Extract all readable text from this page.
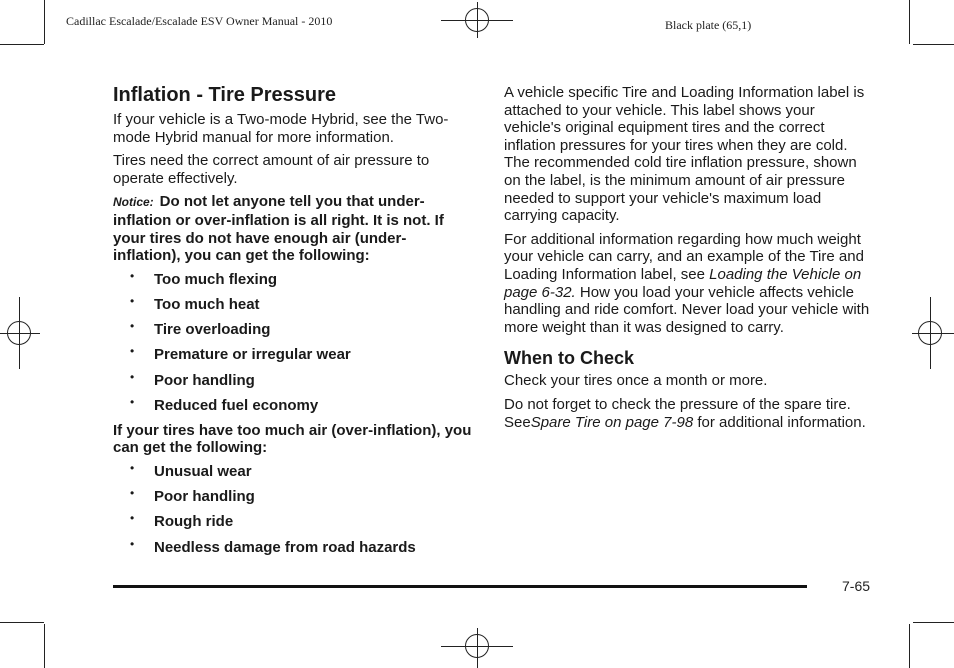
Cadillac Escalade/Escalade ESV Owner Manual - 2010	Black plate (65,1)
Inflation - Tire Pressure

If your vehicle is a Two-mode Hybrid, see the Two-mode Hybrid manual for more information.

Tires need the correct amount of air pressure to operate effectively.

Notice: Do not let anyone tell you that under-inflation or over-inflation is all right. It is not. If your tires do not have enough air (under-inflation), you can get the following:

• Too much flexing
• Too much heat
• Tire overloading
• Premature or irregular wear
• Poor handling
• Reduced fuel economy

If your tires have too much air (over-inflation), you can get the following:

• Unusual wear
• Poor handling
• Rough ride
• Needless damage from road hazards

A vehicle specific Tire and Loading Information label is attached to your vehicle. This label shows your vehicle's original equipment tires and the correct inflation pressures for your tires when they are cold. The recommended cold tire inflation pressure, shown on the label, is the minimum amount of air pressure needed to support your vehicle's maximum load carrying capacity.

For additional information regarding how much weight your vehicle can carry, and an example of the Tire and Loading Information label, see Loading the Vehicle on page 6-32. How you load your vehicle affects vehicle handling and ride comfort. Never load your vehicle with more weight than it was designed to carry.

When to Check

Check your tires once a month or more.

Do not forget to check the pressure of the spare tire. SeeSpare Tire on page 7-98 for additional information.

7-65
